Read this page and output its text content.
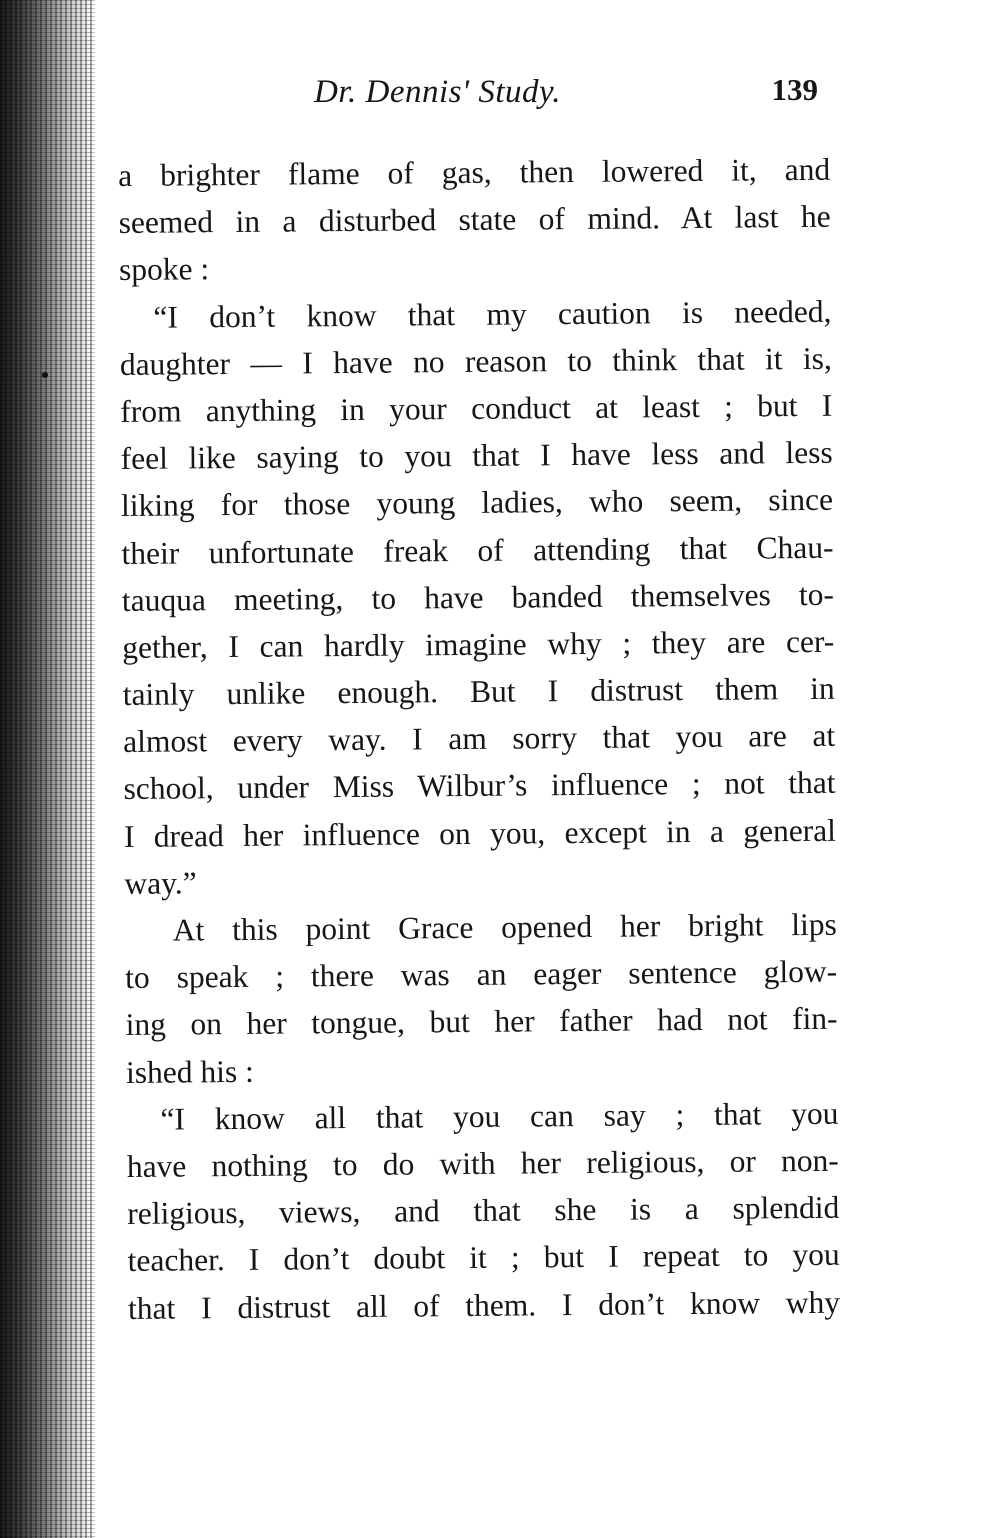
Dr. Dennis' Study.	139
a brighter flame of gas, then lowered it, and
seemed in a disturbed state of mind. At last he
spoke :
“I don’t know that my caution is needed,
daughter — I have no reason to think that it is,
from anything in your conduct at least ; but I
feel like saying to you that I have less and less
liking for those young ladies, who seem, since
their unfortunate freak of attending that Chau-
tauqua meeting, to have banded themselves to-
gether, I can hardly imagine why ; they are cer-
tainly unlike enough. But I distrust them in
almost every way. I am sorry that you are at
school, under Miss Wilbur’s influence ; not that
I dread her influence on you, except in a general
way.”
At this point Grace opened her bright lips
to speak ; there was an eager sentence glow-
ing on her tongue, but her father had not fin-
ished his :
“I know all that you can say ; that you
have nothing to do with her religious, or non-
religious, views, and that she is a splendid
teacher. I don’t doubt it ; but I repeat to you
that I distrust all of them. I don’t know why
